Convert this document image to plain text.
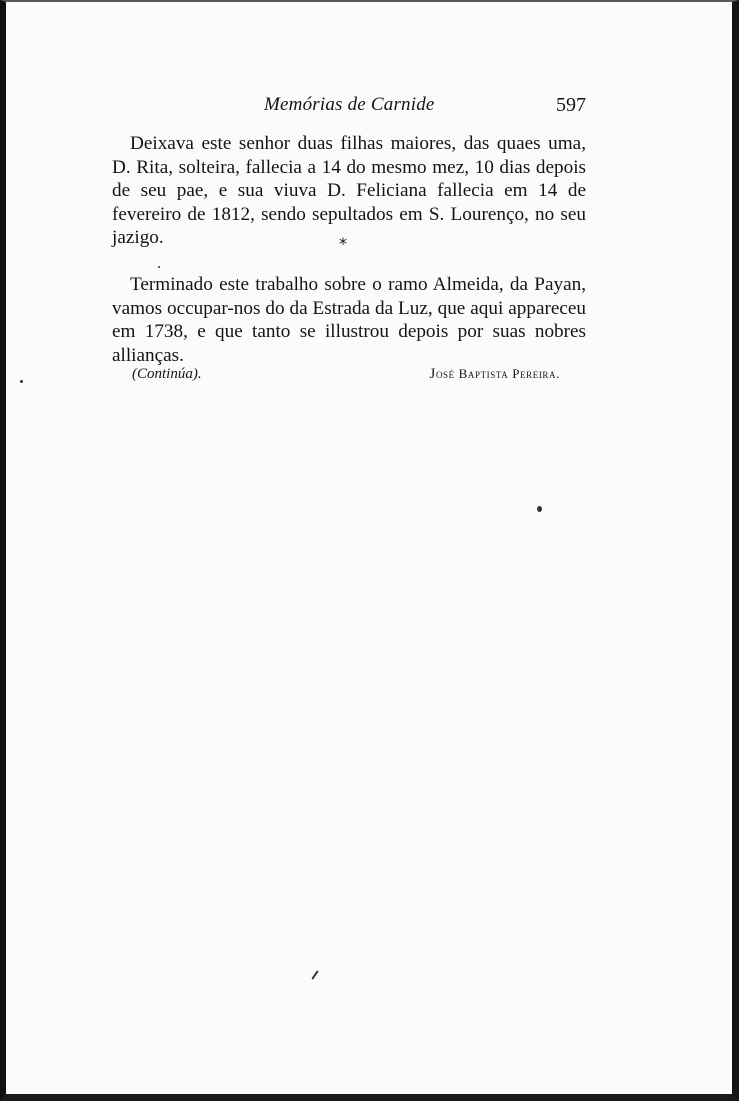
Memórias de Carnide	597

Deixava este senhor duas filhas maiores, das quaes uma, D. Rita, solteira, fallecia a 14 do mesmo mez, 10 dias depois de seu pae, e sua viuva D. Feliciana fallecia em 14 de fevereiro de 1812, sendo sepultados em S. Lourenço, no seu jazigo.	*

Terminado este trabalho sobre o ramo Almeida, da Payan, vamos occupar-nos do da Estrada da Luz, que aqui appareceu em 1738, e que tanto se illustrou depois por suas nobres allianças.

(Continúa).	José Baptista Pereira.
